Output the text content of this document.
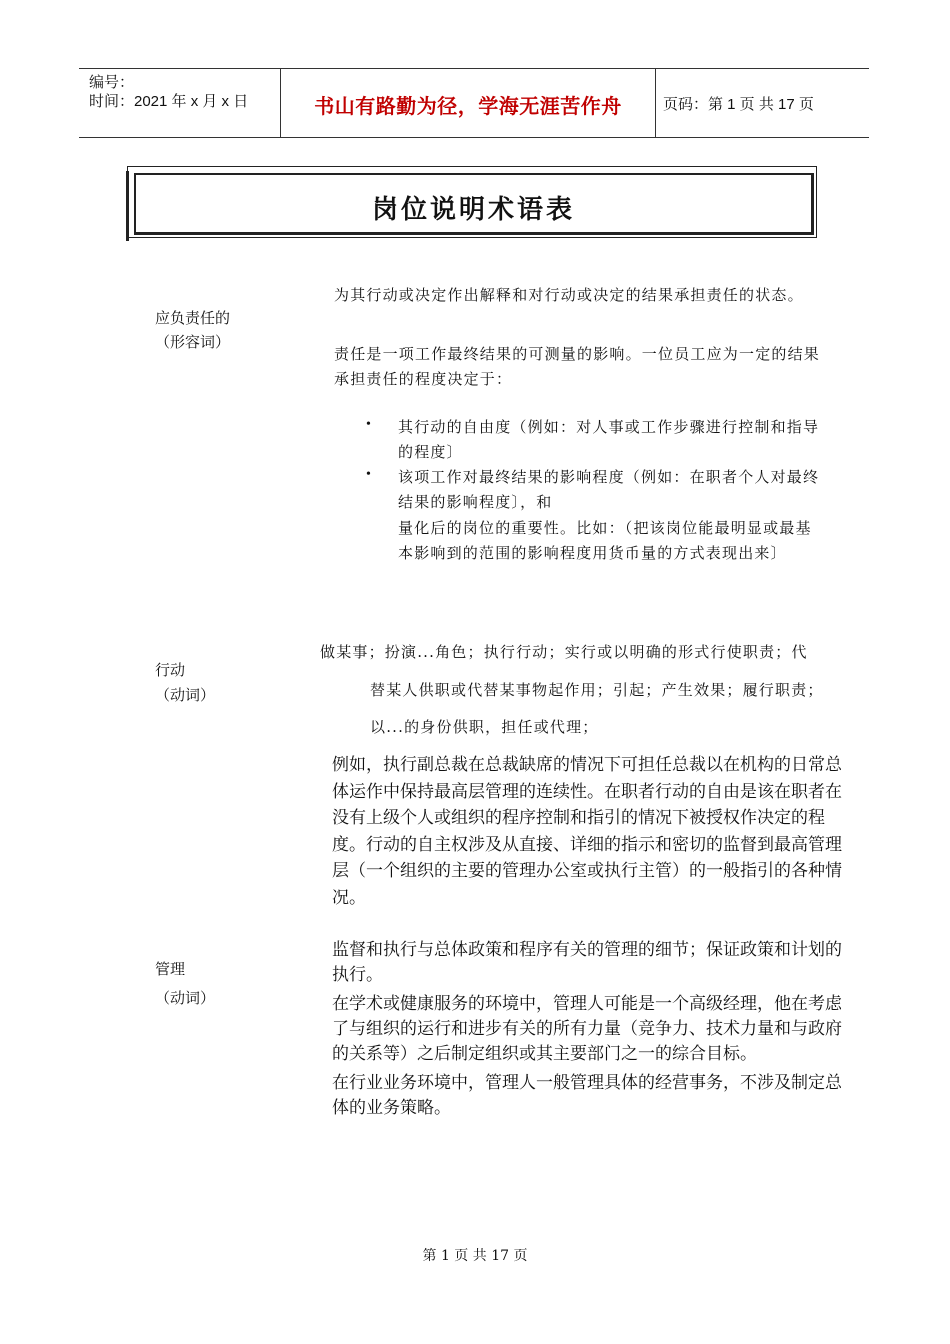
编号：
时间：2021 年 x 月 x 日	书山有路勤为径，学海无涯苦作舟	页码：第 1 页 共 17 页
岗位说明术语表
应负责任的
（形容词）
为其行动或决定作出解释和对行动或决定的结果承担责任的状态。
责任是一项工作最终结果的可测量的影响。一位员工应为一定的结果
承担责任的程度决定于：
• 其行动的自由度（例如：对人事或工作步骤进行控制和指导
的程度〕
• 该项工作对最终结果的影响程度（例如：在职者个人对最终
结果的影响程度〕，和
量化后的岗位的重要性。比如：（把该岗位能最明显或最基
本影响到的范围的影响程度用货币量的方式表现出来〕
行动
（动词）
做某事；扮演...角色；执行行动；实行或以明确的形式行使职责；代
替某人供职或代替某事物起作用；引起；产生效果；履行职责；
以...的身份供职，担任或代理；
例如，执行副总裁在总裁缺席的情况下可担任总裁以在机构的日常总
体运作中保持最高层管理的连续性。在职者行动的自由是该在职者在
没有上级个人或组织的程序控制和指引的情况下被授权作决定的程
度。行动的自主权涉及从直接、详细的指示和密切的监督到最高管理
层（一个组织的主要的管理办公室或执行主管）的一般指引的各种情
况。
管理
（动词）
监督和执行与总体政策和程序有关的管理的细节；保证政策和计划的
执行。
在学术或健康服务的环境中，管理人可能是一个高级经理，他在考虑
了与组织的运行和进步有关的所有力量（竞争力、技术力量和与政府
的关系等）之后制定组织或其主要部门之一的综合目标。
在行业业务环境中，管理人一般管理具体的经营事务，不涉及制定总
体的业务策略。
第 1 页 共 17 页
